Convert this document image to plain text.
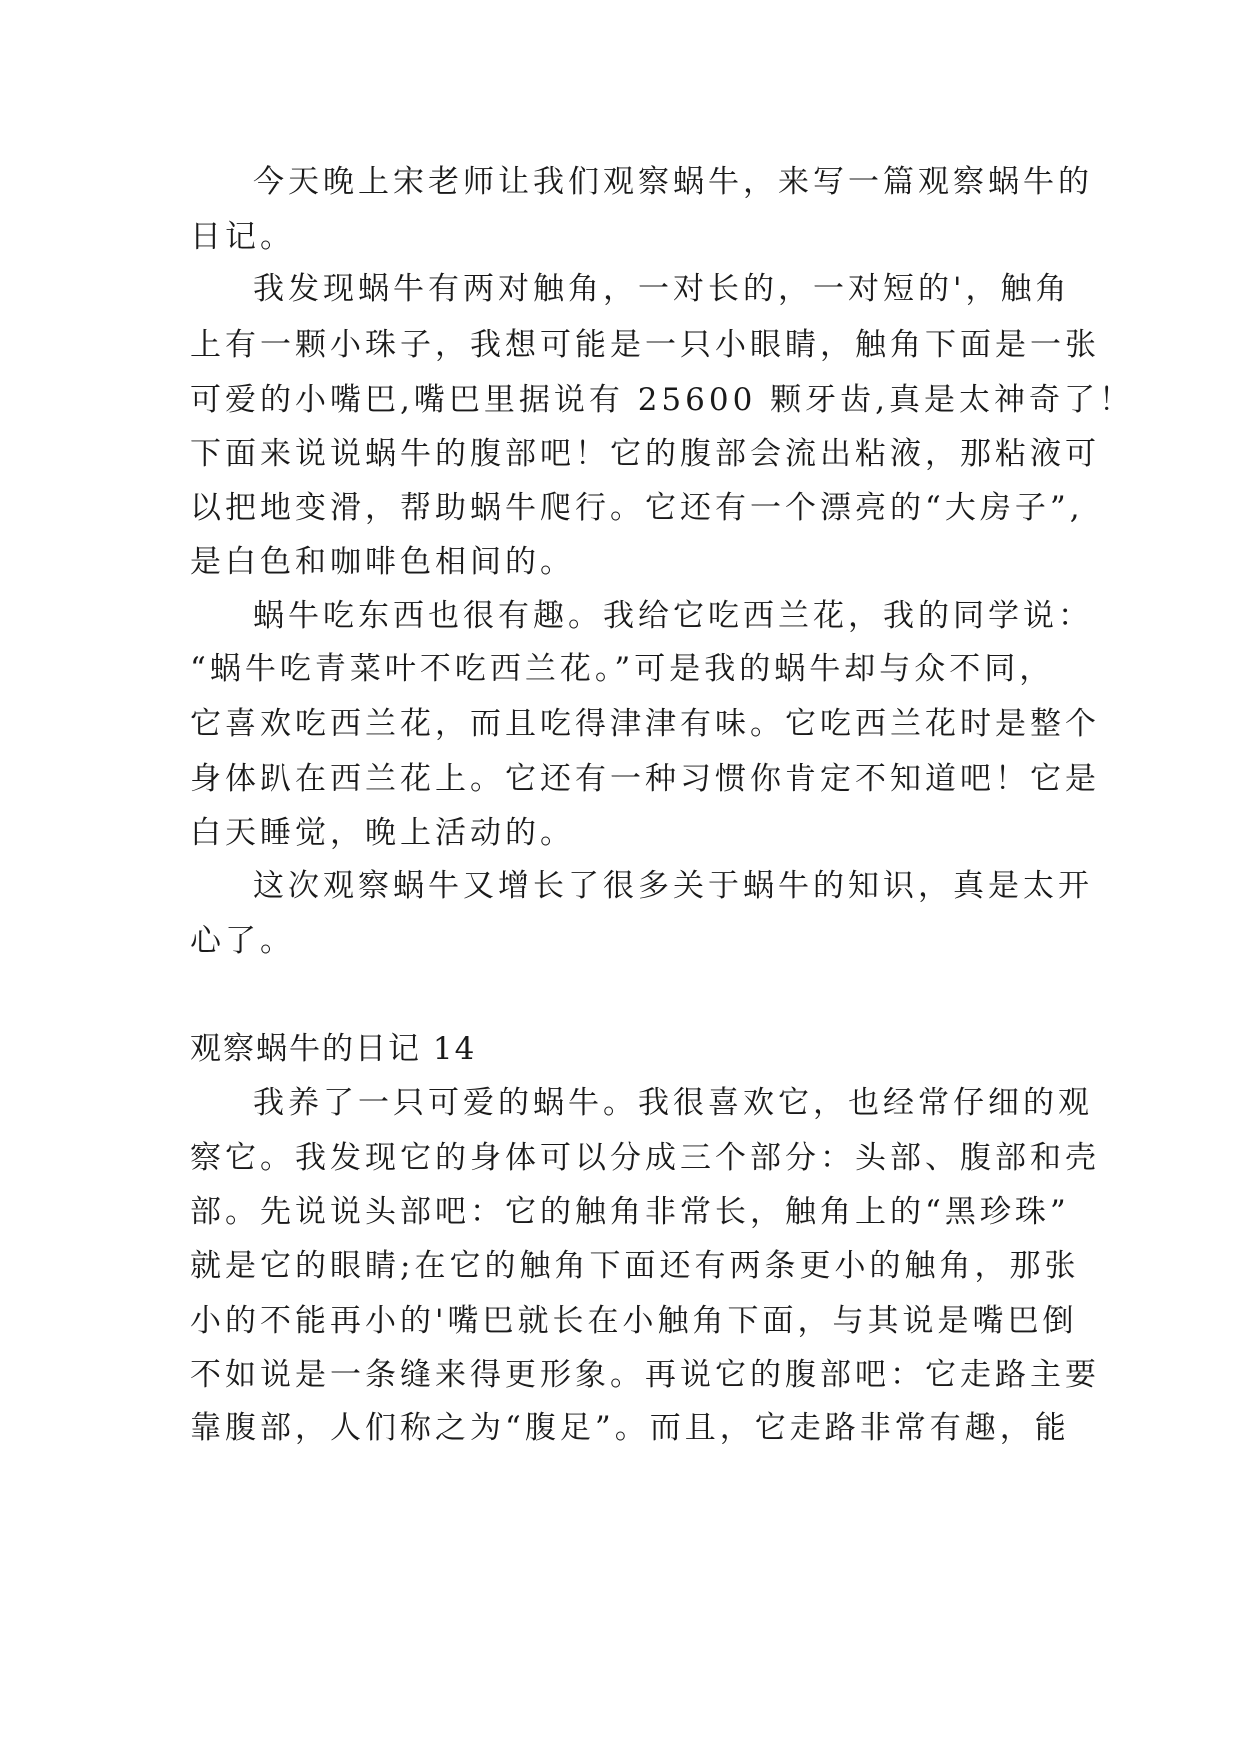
今天晚上宋老师让我们观察蜗牛，来写一篇观察蜗牛的
日记。
我发现蜗牛有两对触角，一对长的，一对短的'，触角
上有一颗小珠子，我想可能是一只小眼睛，触角下面是一张
可爱的小嘴巴,嘴巴里据说有 25600 颗牙齿,真是太神奇了！
下面来说说蜗牛的腹部吧！它的腹部会流出粘液，那粘液可
以把地变滑，帮助蜗牛爬行。它还有一个漂亮的“大房子”,
是白色和咖啡色相间的。
蜗牛吃东西也很有趣。我给它吃西兰花，我的同学说：
“蜗牛吃青菜叶不吃西兰花。”可是我的蜗牛却与众不同，
它喜欢吃西兰花，而且吃得津津有味。它吃西兰花时是整个
身体趴在西兰花上。它还有一种习惯你肯定不知道吧！它是
白天睡觉，晚上活动的。
这次观察蜗牛又增长了很多关于蜗牛的知识，真是太开
心了。
观察蜗牛的日记 14
我养了一只可爱的蜗牛。我很喜欢它，也经常仔细的观
察它。我发现它的身体可以分成三个部分：头部、腹部和壳
部。先说说头部吧：它的触角非常长，触角上的“黑珍珠”
就是它的眼睛;在它的触角下面还有两条更小的触角，那张
小的不能再小的'嘴巴就长在小触角下面，与其说是嘴巴倒
不如说是一条缝来得更形象。再说它的腹部吧：它走路主要
靠腹部，人们称之为“腹足”。而且，它走路非常有趣，能
